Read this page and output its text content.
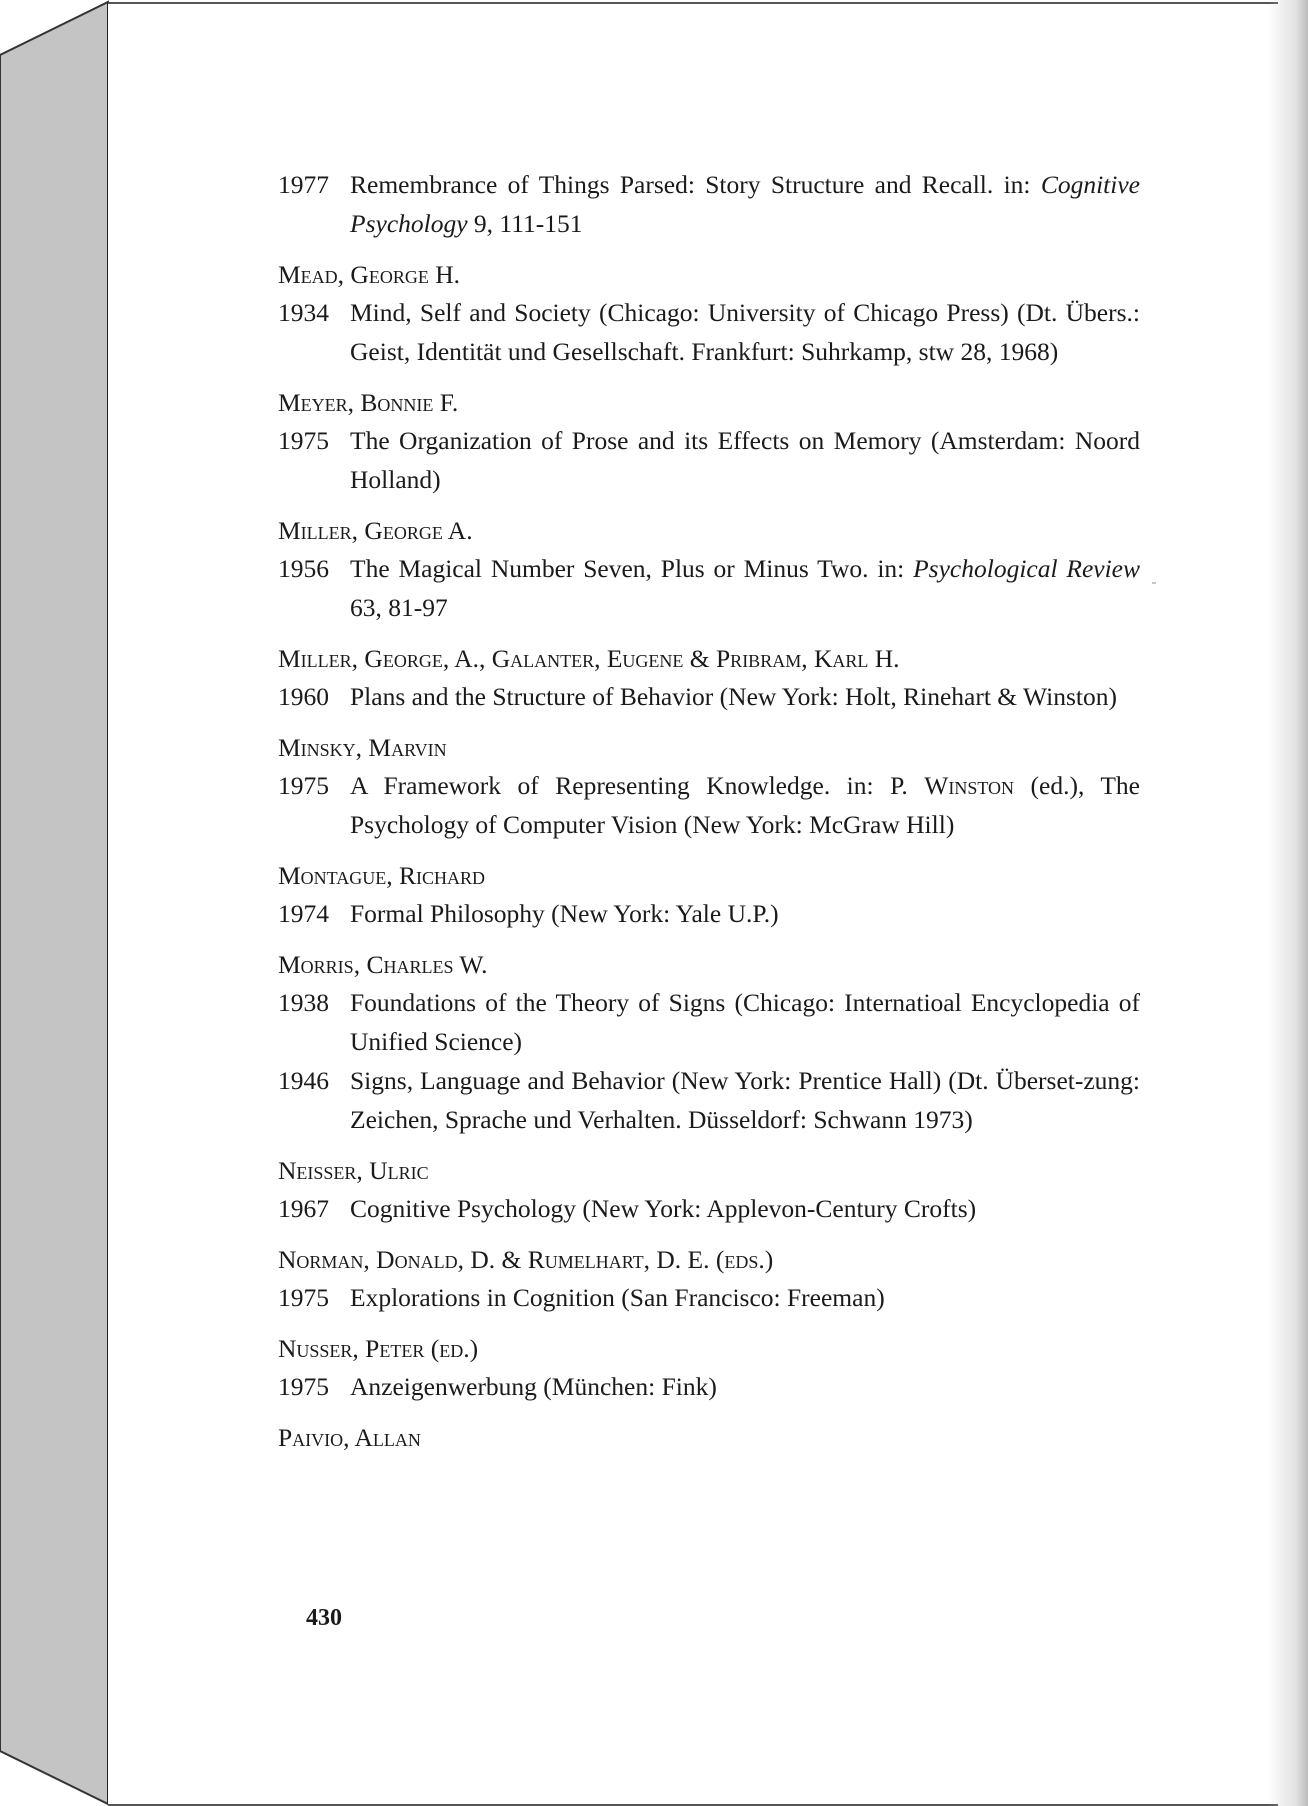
1977 Remembrance of Things Parsed: Story Structure and Recall. in: Cognitive Psychology 9, 111-151
Mead, George H.
1934 Mind, Self and Society (Chicago: University of Chicago Press) (Dt. Übers.: Geist, Identität und Gesellschaft. Frankfurt: Suhrkamp, stw 28, 1968)
Meyer, Bonnie F.
1975 The Organization of Prose and its Effects on Memory (Amsterdam: Noord Holland)
Miller, George A.
1956 The Magical Number Seven, Plus or Minus Two. in: Psychological Review 63, 81-97
Miller, George, A., Galanter, Eugene & Pribram, Karl H.
1960 Plans and the Structure of Behavior (New York: Holt, Rinehart & Winston)
Minsky, Marvin
1975 A Framework of Representing Knowledge. in: P. Winston (ed.), The Psychology of Computer Vision (New York: McGraw Hill)
Montague, Richard
1974 Formal Philosophy (New York: Yale U.P.)
Morris, Charles W.
1938 Foundations of the Theory of Signs (Chicago: Internatioal Encyclopedia of Unified Science)
1946 Signs, Language and Behavior (New York: Prentice Hall) (Dt. Überset-zung: Zeichen, Sprache und Verhalten. Düsseldorf: Schwann 1973)
Neisser, Ulric
1967 Cognitive Psychology (New York: Applevon-Century Crofts)
Norman, Donald, D. & Rumelhart, D. E. (eds.)
1975 Explorations in Cognition (San Francisco: Freeman)
Nusser, Peter (ed.)
1975 Anzeigenwerbung (München: Fink)
Paivio, Allan
430
